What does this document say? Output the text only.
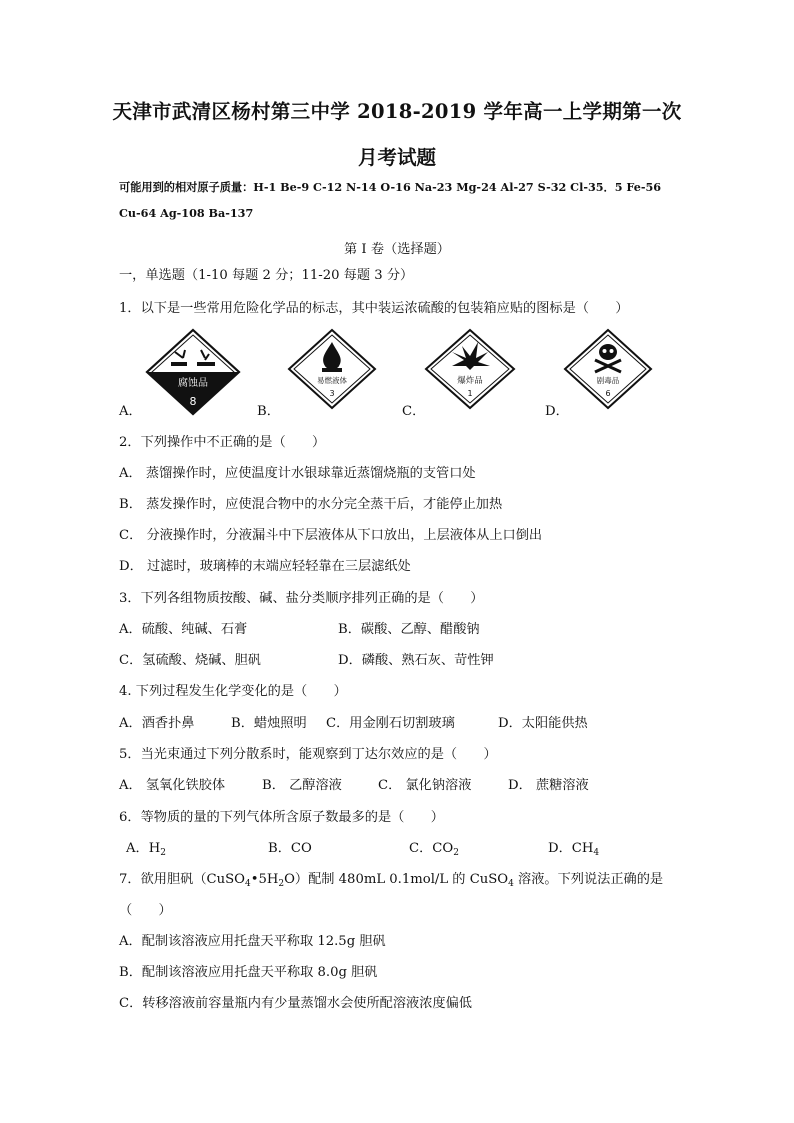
天津市武清区杨村第三中学 2018-2019 学年高一上学期第一次
月考试题
可能用到的相对原子质量：H-1 Be-9 C-12 N-14 O-16 Na-23 Mg-24 Al-27 S-32 Cl-35．5 Fe-56
Cu-64 Ag-108 Ba-137
第 I 卷（选择题）
一，单选题（1-10 每题 2 分；11-20 每题 3 分）
1．以下是一些常用危险化学品的标志，其中装运浓硫酸的包装箱应贴的图标是（　　）
腐蚀品
8
易燃液体
3
爆炸品
1
剧毒品
6
A．	B．	C．	D．
2．下列操作中不正确的是（　　）
A． 蒸馏操作时，应使温度计水银球靠近蒸馏烧瓶的支管口处
B． 蒸发操作时，应使混合物中的水分完全蒸干后，才能停止加热
C． 分液操作时，分液漏斗中下层液体从下口放出，上层液体从上口倒出
D． 过滤时，玻璃棒的末端应轻轻靠在三层滤纸处
3．下列各组物质按酸、碱、盐分类顺序排列正确的是（　　）
A．硫酸、纯碱、石膏	B．碳酸、乙醇、醋酸钠
C．氢硫酸、烧碱、胆矾	D．磷酸、熟石灰、苛性钾
4. 下列过程发生化学变化的是（　　）
A．酒香扑鼻	B．蜡烛照明 C．用金刚石切割玻璃	D．太阳能供热
5．当光束通过下列分散系时，能观察到丁达尔效应的是（　　）
A． 氢氧化铁胶体	B． 乙醇溶液	C． 氯化钠溶液	D． 蔗糖溶液
6．等物质的量的下列气体所含原子数最多的是（　　）
A．$H_2$	B．CO	C．$CO_2$	D．$CH_4$
7．欲用胆矾$(CuSO_4•5H_2O)$配制 480mL 0.1mol/L 的 CuSO$_4$ 溶液。下列说法正确的是
（　　）
A．配制该溶液应用托盘天平称取 12.5g 胆矾
B．配制该溶液应用托盘天平称取 8.0g 胆矾
C．转移溶液前容量瓶内有少量蒸馏水会使所配溶液浓度偏低
